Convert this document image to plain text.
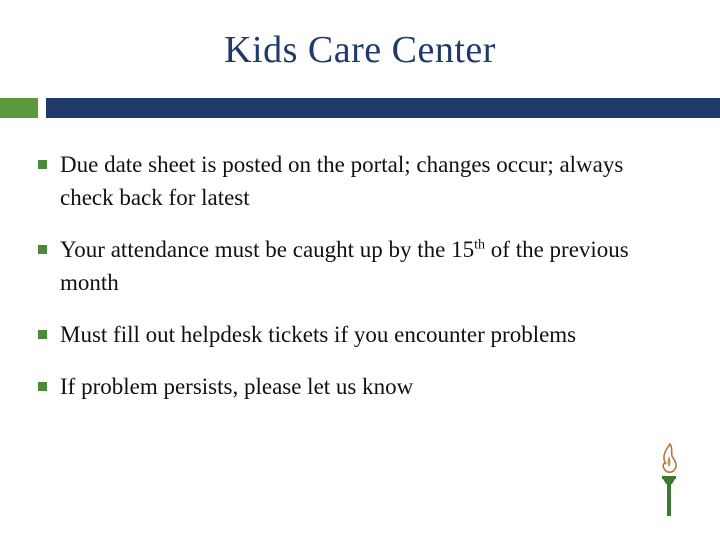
Kids Care Center
Due date sheet is posted on the portal; changes occur; always check back for latest
Your attendance must be caught up by the 15th of the previous month
Must fill out helpdesk tickets if you encounter problems
If problem persists, please let us know
